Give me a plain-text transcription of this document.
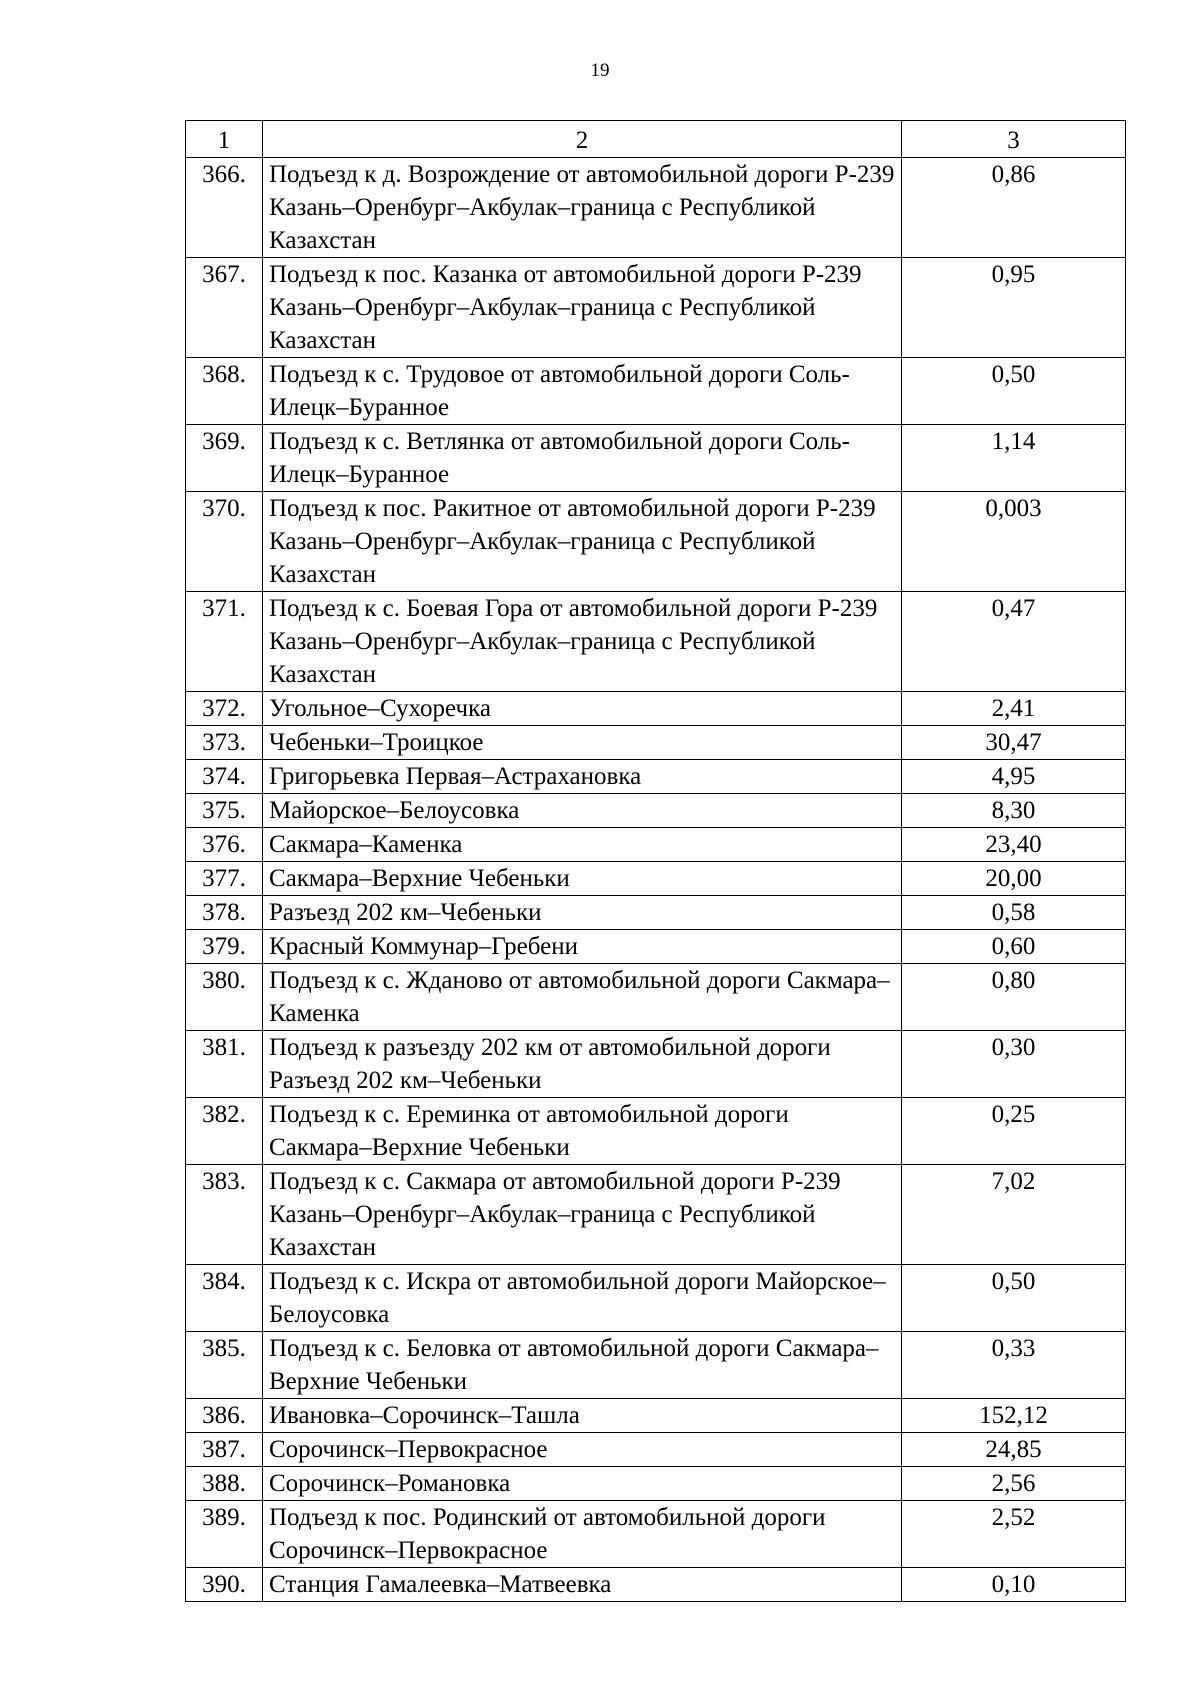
19
1	2	3
366.	Подъезд к д. Возрождение от автомобильной дороги Р-239 Казань–Оренбург–Акбулак–граница с Республикой Казахстан	0,86
367.	Подъезд к пос. Казанка от автомобильной дороги Р-239 Казань–Оренбург–Акбулак–граница с Республикой Казахстан	0,95
368.	Подъезд к с. Трудовое от автомобильной дороги Соль-Илецк–Буранное	0,50
369.	Подъезд к с. Ветлянка от автомобильной дороги Соль-Илецк–Буранное	1,14
370.	Подъезд к пос. Ракитное от автомобильной дороги Р-239 Казань–Оренбург–Акбулак–граница с Республикой Казахстан	0,003
371.	Подъезд к с. Боевая Гора от автомобильной дороги Р-239 Казань–Оренбург–Акбулак–граница с Республикой Казахстан	0,47
372.	Угольное–Сухоречка	2,41
373.	Чебеньки–Троицкое	30,47
374.	Григорьевка Первая–Астрахановка	4,95
375.	Майорское–Белоусовка	8,30
376.	Сакмара–Каменка	23,40
377.	Сакмара–Верхние Чебеньки	20,00
378.	Разъезд 202 км–Чебеньки	0,58
379.	Красный Коммунар–Гребени	0,60
380.	Подъезд к с. Жданово от автомобильной дороги Сакмара–Каменка	0,80
381.	Подъезд к разъезду 202 км от автомобильной дороги Разъезд 202 км–Чебеньки	0,30
382.	Подъезд к с. Ереминка от автомобильной дороги Сакмара–Верхние Чебеньки	0,25
383.	Подъезд к с. Сакмара от автомобильной дороги Р-239 Казань–Оренбург–Акбулак–граница с Республикой Казахстан	7,02
384.	Подъезд к с. Искра от автомобильной дороги Майорское–Белоусовка	0,50
385.	Подъезд к с. Беловка от автомобильной дороги Сакмара–Верхние Чебеньки	0,33
386.	Ивановка–Сорочинск–Ташла	152,12
387.	Сорочинск–Первокрасное	24,85
388.	Сорочинск–Романовка	2,56
389.	Подъезд к пос. Родинский от автомобильной дороги Сорочинск–Первокрасное	2,52
390.	Станция Гамалеевка–Матвеевка	0,10
